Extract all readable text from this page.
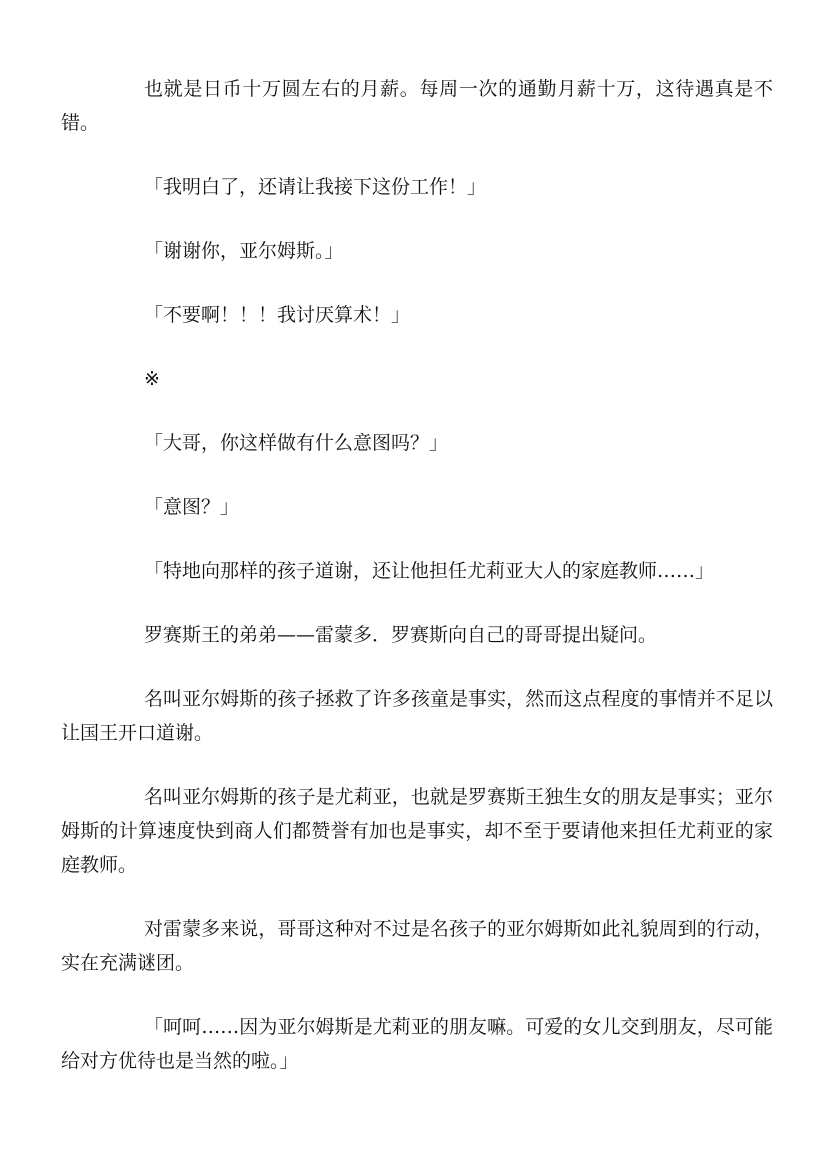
也就是日币十万圆左右的月薪。每周一次的通勤月薪十万，这待遇真是不错。

「我明白了，还请让我接下这份工作！」

「谢谢你，亚尔姆斯。」

「不要啊！！！我讨厌算术！」

※

「大哥，你这样做有什么意图吗？」

「意图？」

「特地向那样的孩子道谢，还让他担任尤莉亚大人的家庭教师……」

罗赛斯王的弟弟——雷蒙多．罗赛斯向自己的哥哥提出疑问。

名叫亚尔姆斯的孩子拯救了许多孩童是事实，然而这点程度的事情并不足以让国王开口道谢。

名叫亚尔姆斯的孩子是尤莉亚，也就是罗赛斯王独生女的朋友是事实；亚尔姆斯的计算速度快到商人们都赞誉有加也是事实，却不至于要请他来担任尤莉亚的家庭教师。

对雷蒙多来说，哥哥这种对不过是名孩子的亚尔姆斯如此礼貌周到的行动，实在充满谜团。

「呵呵……因为亚尔姆斯是尤莉亚的朋友嘛。可爱的女儿交到朋友，尽可能给对方优待也是当然的啦。」
